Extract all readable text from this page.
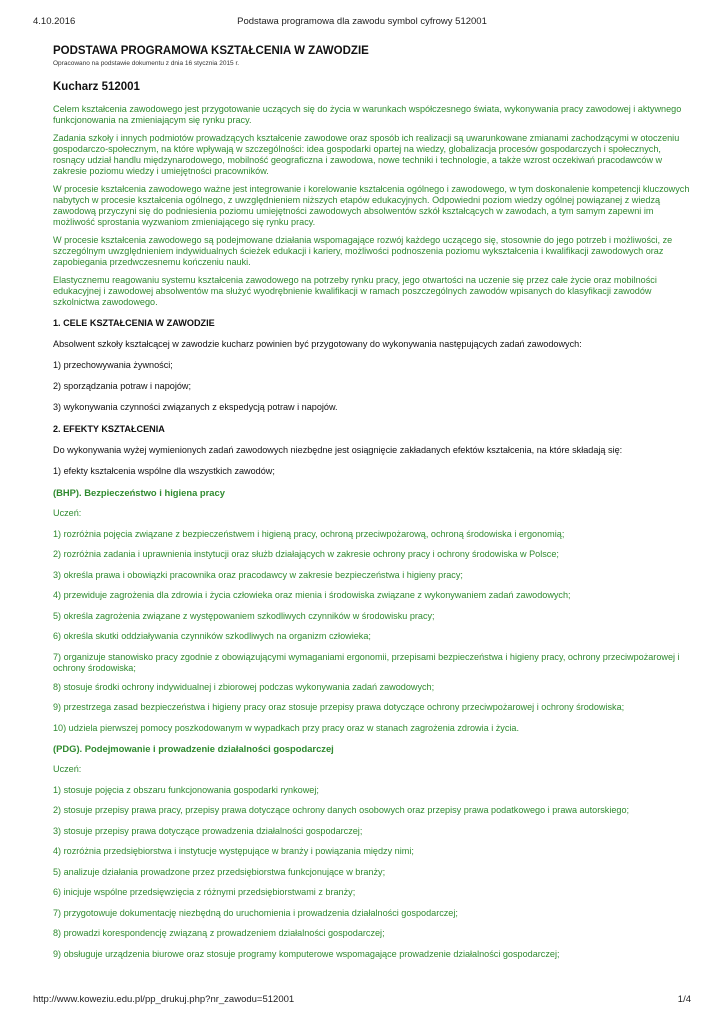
4.10.2016	Podstawa programowa dla zawodu symbol cyfrowy 512001
PODSTAWA PROGRAMOWA KSZTAŁCENIA W ZAWODZIE

Opracowano na podstawie dokumentu z dnia 16 stycznia 2015 r.

Kucharz 512001

Celem kształcenia zawodowego jest przygotowanie uczących się do życia w warunkach współczesnego świata, wykonywania pracy zawodowej i aktywnego funkcjonowania na zmieniającym się rynku pracy.

Zadania szkoły i innych podmiotów prowadzących kształcenie zawodowe oraz sposób ich realizacji są uwarunkowane zmianami zachodzącymi w otoczeniu gospodarczo-społecznym, na które wpływają w szczególności: idea gospodarki opartej na wiedzy, globalizacja procesów gospodarczych i społecznych, rosnący udział handlu międzynarodowego, mobilność geograficzna i zawodowa, nowe techniki i technologie, a także wzrost oczekiwań pracodawców w zakresie poziomu wiedzy i umiejętności pracowników.

W procesie kształcenia zawodowego ważne jest integrowanie i korelowanie kształcenia ogólnego i zawodowego, w tym doskonalenie kompetencji kluczowych nabytych w procesie kształcenia ogólnego, z uwzględnieniem niższych etapów edukacyjnych. Odpowiedni poziom wiedzy ogólnej powiązanej z wiedzą zawodową przyczyni się do podniesienia poziomu umiejętności zawodowych absolwentów szkół kształcących w zawodach, a tym samym zapewni im możliwość sprostania wyzwaniom zmieniającego się rynku pracy.

W procesie kształcenia zawodowego są podejmowane działania wspomagające rozwój każdego uczącego się, stosownie do jego potrzeb i możliwości, ze szczególnym uwzględnieniem indywidualnych ścieżek edukacji i kariery, możliwości podnoszenia poziomu wykształcenia i kwalifikacji zawodowych oraz zapobiegania przedwczesnemu kończeniu nauki.

Elastycznemu reagowaniu systemu kształcenia zawodowego na potrzeby rynku pracy, jego otwartości na uczenie się przez całe życie oraz mobilności edukacyjnej i zawodowej absolwentów ma służyć wyodrębnienie kwalifikacji w ramach poszczególnych zawodów wpisanych do klasyfikacji zawodów szkolnictwa zawodowego.

1. CELE KSZTAŁCENIA W ZAWODZIE

Absolwent szkoły kształcącej w zawodzie kucharz powinien być przygotowany do wykonywania następujących zadań zawodowych:

1) przechowywania żywności;

2) sporządzania potraw i napojów;

3) wykonywania czynności związanych z ekspedycją potraw i napojów.

2. EFEKTY KSZTAŁCENIA

Do wykonywania wyżej wymienionych zadań zawodowych niezbędne jest osiągnięcie zakładanych efektów kształcenia, na które składają się:

1) efekty kształcenia wspólne dla wszystkich zawodów;

(BHP). Bezpieczeństwo i higiena pracy

Uczeń:

1) rozróżnia pojęcia związane z bezpieczeństwem i higieną pracy, ochroną przeciwpożarową, ochroną środowiska i ergonomią;

2) rozróżnia zadania i uprawnienia instytucji oraz służb działających w zakresie ochrony pracy i ochrony środowiska w Polsce;

3) określa prawa i obowiązki pracownika oraz pracodawcy w zakresie bezpieczeństwa i higieny pracy;

4) przewiduje zagrożenia dla zdrowia i życia człowieka oraz mienia i środowiska związane z wykonywaniem zadań zawodowych;

5) określa zagrożenia związane z występowaniem szkodliwych czynników w środowisku pracy;

6) określa skutki oddziaływania czynników szkodliwych na organizm człowieka;

7) organizuje stanowisko pracy zgodnie z obowiązującymi wymaganiami ergonomii, przepisami bezpieczeństwa i higieny pracy, ochrony przeciwpożarowej i ochrony środowiska;

8) stosuje środki ochrony indywidualnej i zbiorowej podczas wykonywania zadań zawodowych;

9) przestrzega zasad bezpieczeństwa i higieny pracy oraz stosuje przepisy prawa dotyczące ochrony przeciwpożarowej i ochrony środowiska;

10) udziela pierwszej pomocy poszkodowanym w wypadkach przy pracy oraz w stanach zagrożenia zdrowia i życia.

(PDG). Podejmowanie i prowadzenie działalności gospodarczej

Uczeń:

1) stosuje pojęcia z obszaru funkcjonowania gospodarki rynkowej;

2) stosuje przepisy prawa pracy, przepisy prawa dotyczące ochrony danych osobowych oraz przepisy prawa podatkowego i prawa autorskiego;

3) stosuje przepisy prawa dotyczące prowadzenia działalności gospodarczej;

4) rozróżnia przedsiębiorstwa i instytucje występujące w branży i powiązania między nimi;

5) analizuje działania prowadzone przez przedsiębiorstwa funkcjonujące w branży;

6) inicjuje wspólne przedsięwzięcia z różnymi przedsiębiorstwami z branży;

7) przygotowuje dokumentację niezbędną do uruchomienia i prowadzenia działalności gospodarczej;

8) prowadzi korespondencję związaną z prowadzeniem działalności gospodarczej;

9) obsługuje urządzenia biurowe oraz stosuje programy komputerowe wspomagające prowadzenie działalności gospodarczej;

http://www.koweziu.edu.pl/pp_drukuj.php?nr_zawodu=512001	1/4
